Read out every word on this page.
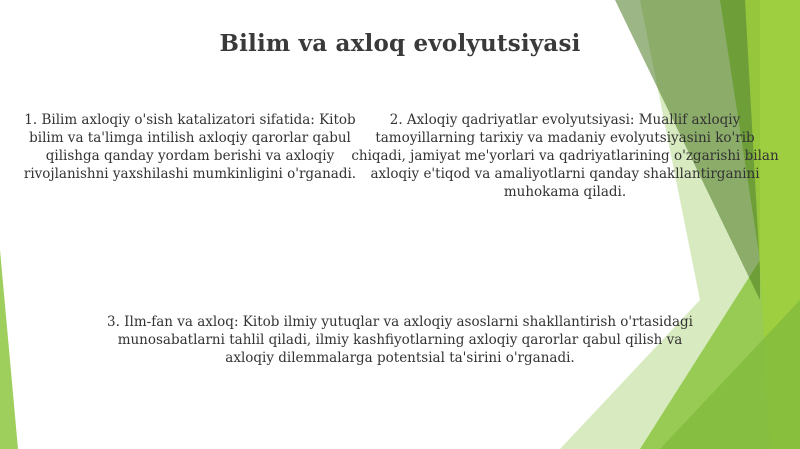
Bilim va axloq evolyutsiyasi
1. Bilim axloqiy o'sish katalizatori sifatida: Kitob bilim va ta'limga intilish axloqiy qarorlar qabul qilishga qanday yordam berishi va axloqiy rivojlanishni yaxshilashi mumkinligini o'rganadi.
2. Axloqiy qadriyatlar evolyutsiyasi: Muallif axloqiy tamoyillarning tarixiy va madaniy evolyutsiyasini ko'rib chiqadi, jamiyat me'yorlari va qadriyatlarining o'zgarishi bilan axloqiy e'tiqod va amaliyotlarni qanday shakllantirganini muhokama qiladi.
3. Ilm-fan va axloq: Kitob ilmiy yutuqlar va axloqiy asoslarni shakllantirish o'rtasidagi munosabatlarni tahlil qiladi, ilmiy kashfiyotlarning axloqiy qarorlar qabul qilish va axloqiy dilemmalarga potentsial ta'sirini o'rganadi.
